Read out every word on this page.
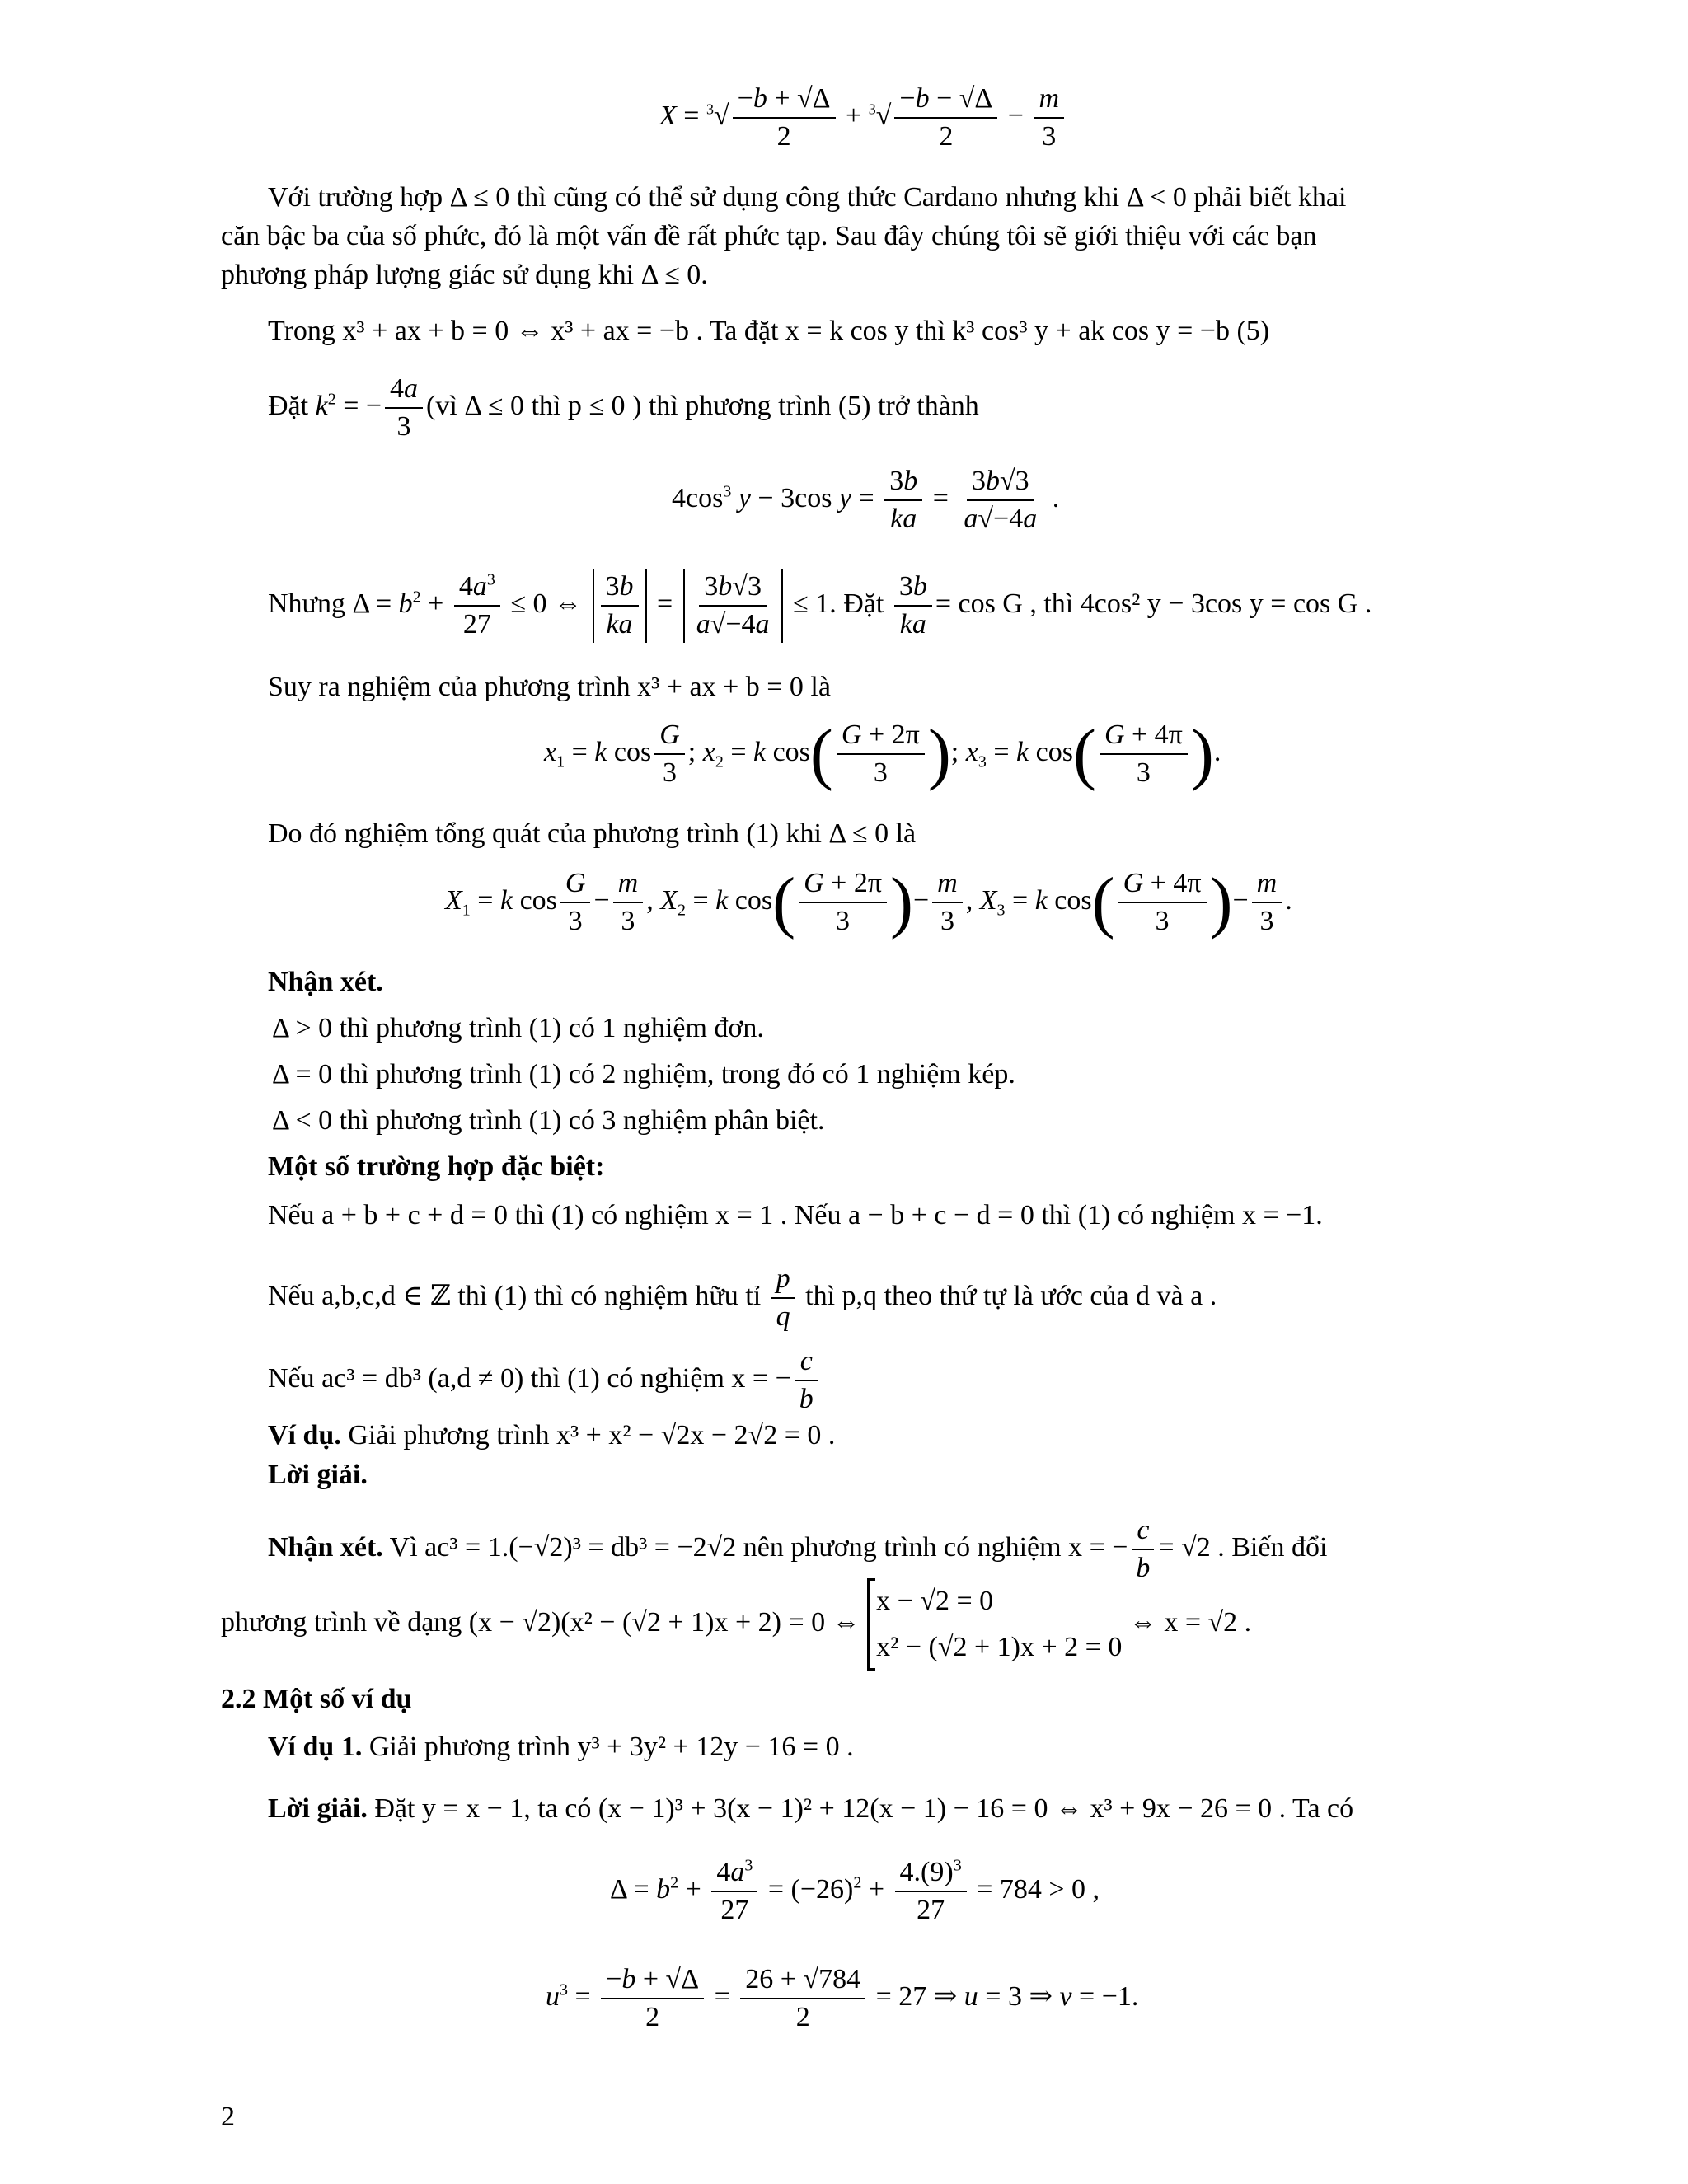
$X = ^3√ \frac{-b + √\Delta}{2} + ^3√ \frac{-b - √\Delta}{2} - \frac{m}{3}$
Với trường hợp Δ ≤ 0 thì cũng có thể sử dụng công thức Cardano nhưng khi Δ < 0 phải biết khai
căn bậc ba của số phức, đó là một vấn đề rất phức tạp. Sau đây chúng tôi sẽ giới thiệu với các bạn
phương pháp lượng giác sử dụng khi Δ ≤ 0.
Trong x³ + ax + b = 0 ⇔ x³ + ax = −b . Ta đặt x = k cos y thì k³ cos³ y + ak cos y = −b (5)
Đặt $k^2$ = − $\frac{4a}{3}$ (vì Δ ≤ 0 thì p ≤ 0 ) thì phương trình (5) trở thành
$4\cos^3$ y − 3cos $y = \frac{3b}{ka} = \frac{3b√3}{a√-4a}$ .
Nhưng $\Delta = b^2 + \frac{4a^3}{27} \le 0$ ⇔ $\frac{3b}{ka} = \frac{3b√3}{a√-4a} \le 1$. Đặt $\frac{3b}{ka} = \cos G$ , thì 4cos² y − 3cos y = cos G .
Suy ra nghiệm của phương trình x³ + ax + b = 0 là
$x_1 = k$ $\cos \frac{G}{3}$ ; $x_2 = k$ $\cos( \frac{G + 2\pi}{3}$ ); $x_3 = k$ $\cos( \frac{G + 4\pi}{3}$ ).
Do đó nghiệm tổng quát của phương trình (1) khi Δ ≤ 0 là
$X_1 = k$ $\cos \frac{G}{3} - \frac{m}{3}$ , $X_2 = k$ $\cos( \frac{G + 2\pi}{3}$ )− $\frac{m}{3}$ , $X_3 = k$ $\cos( \frac{G + 4\pi}{3}$ )− $\frac{m}{3}$ .
Nhận xét.
Δ > 0 thì phương trình (1) có 1 nghiệm đơn.
Δ = 0 thì phương trình (1) có 2 nghiệm, trong đó có 1 nghiệm kép.
Δ < 0 thì phương trình (1) có 3 nghiệm phân biệt.
Một số trường hợp đặc biệt:
Nếu a + b + c + d = 0 thì (1) có nghiệm x = 1 . Nếu a − b + c − d = 0 thì (1) có nghiệm x = −1.
Nếu a,b,c,d ∈ ℤ thì (1) thì có nghiệm hữu tỉ $\frac{p}{q}$ thì p,q theo thứ tự là ước của d và a .
Nếu ac³ = db³ (a,d ≠ 0) thì (1) có nghiệm x = − $\frac{c}{b}$
Ví dụ. Giải phương trình x³ + x² − √2x − 2√2 = 0 .
Lời giải.
Nhận xét. Vì ac³ = 1.(−√2)³ = db³ = −2√2 nên phương trình có nghiệm x = − $\frac{c}{b} = √2$ . Biến đổi
phương trình về dạng (x − √2)(x² − (√2 + 1)x + 2) = 0 ⇔
x − √2 = 0
x² − (√2 + 1)x + 2 = 0
⇔ x = √2 .
2.2 Một số ví dụ
Ví dụ 1. Giải phương trình y³ + 3y² + 12y − 16 = 0 .
Lời giải. Đặt y = x − 1, ta có (x − 1)³ + 3(x − 1)² + 12(x − 1) − 16 = 0 ⇔ x³ + 9x − 26 = 0 . Ta có
$\Delta = b^2 + \frac{4a^3}{27} = (-26)^2 + \frac{4.(9)^3}{27} = 784 > 0$ ,
$u^3 = \frac{-b + √\Delta}{2} = \frac{26 + √784}{2} = 27$ ⇒ u = 3 ⇒ v = −1.
2
